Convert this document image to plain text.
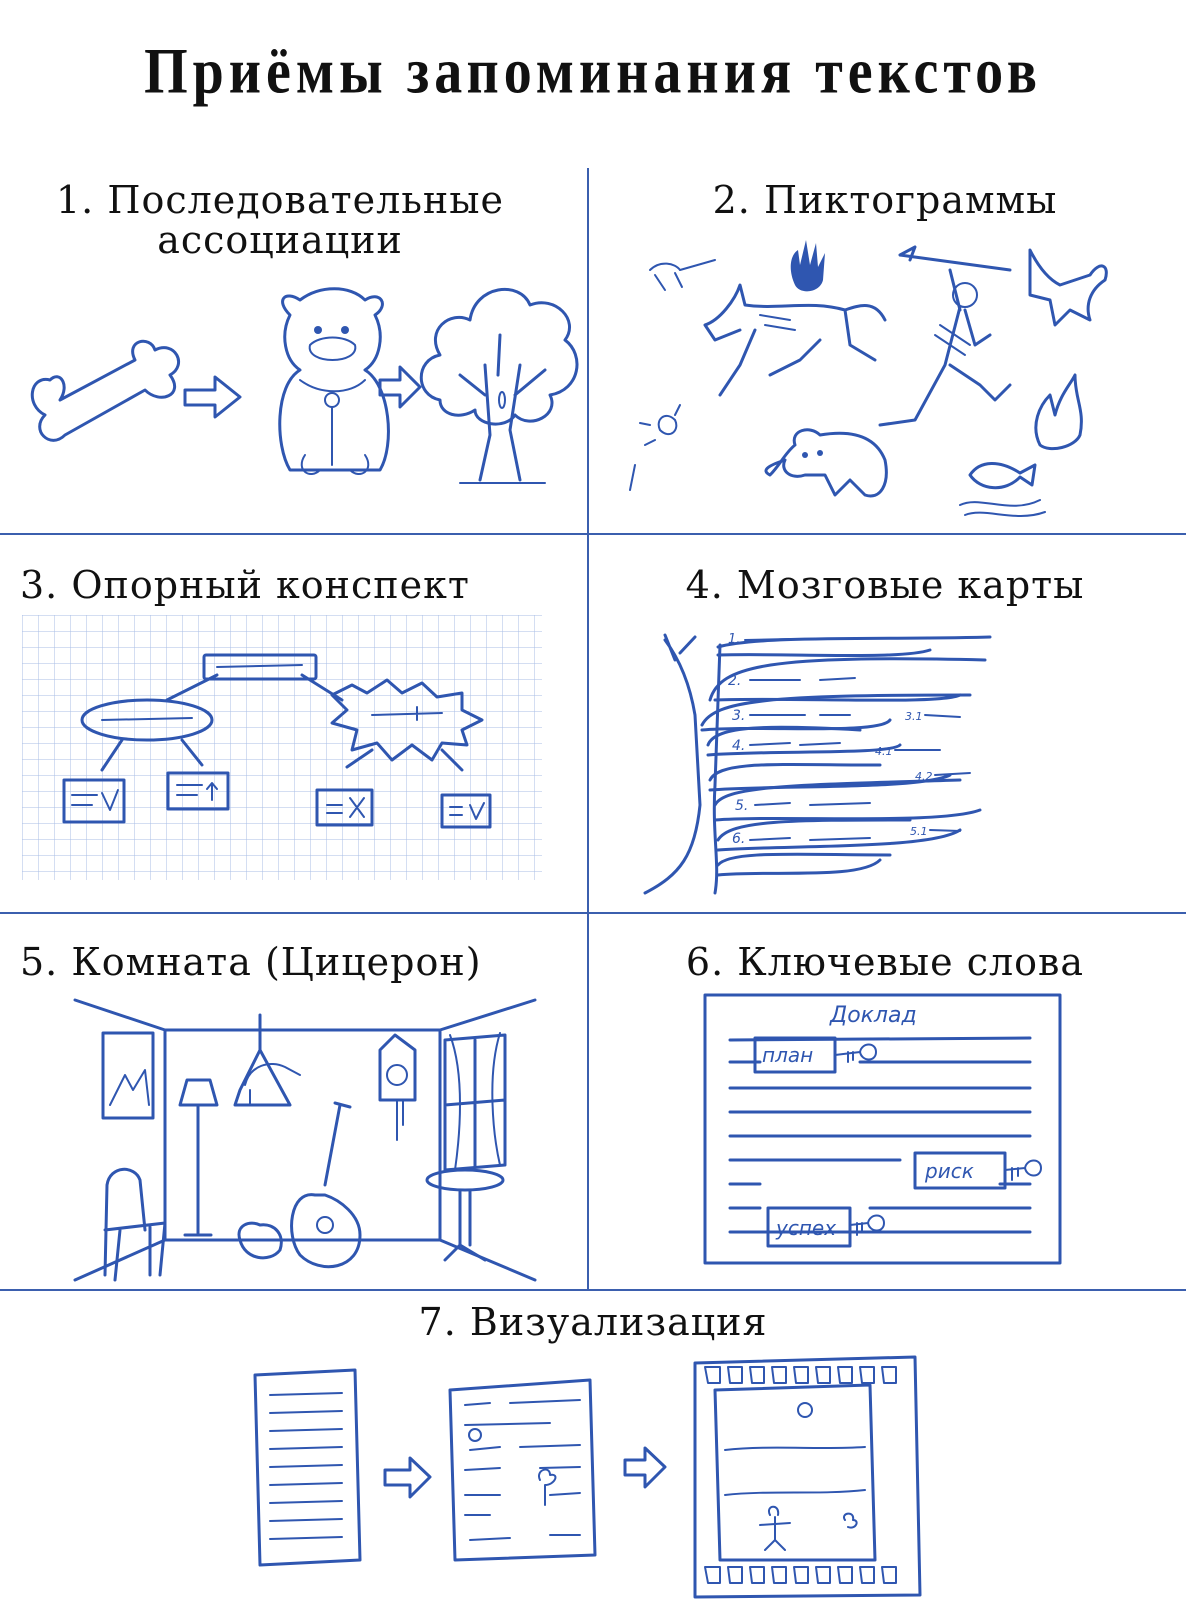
Приёмы запоминания текстов
1. Последовательные
ассоциации
2. Пиктограммы
3. Опорный конспект	4. Мозговые карты
1.
2.
3.	3.1
4.	4.1
4.2
5.
5.1
6.
5. Комната (Цицерон)	6. Ключевые слова
Доклад
план
риск
успех
7. Визуализация
